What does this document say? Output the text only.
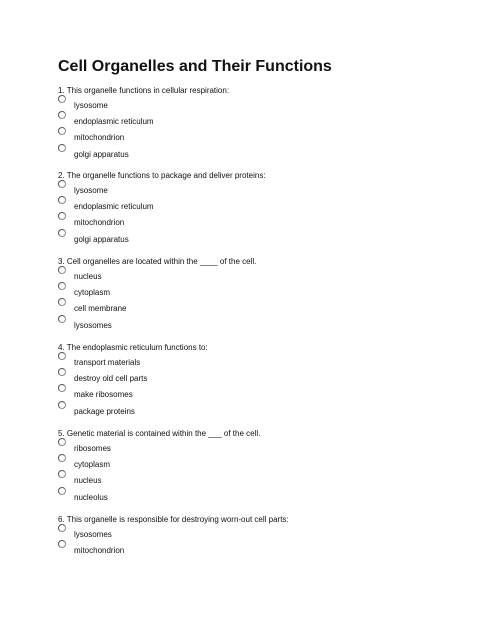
Cell Organelles and Their Functions
1. This organelle functions in cellular respiration:
lysosome
endoplasmic reticulum
mitochondrion
golgi apparatus
2. The organelle functions to package and deliver proteins:
lysosome
endoplasmic reticulum
mitochondrion
golgi apparatus
3. Cell organelles are located within the ____ of the cell.
nucleus
cytoplasm
cell membrane
lysosomes
4. The endoplasmic reticulum functions to:
transport materials
destroy old cell parts
make ribosomes
package proteins
5. Genetic material is contained within the ___ of the cell.
ribosomes
cytoplasm
nucleus
nucleolus
6. This organelle is responsible for destroying worn-out cell parts:
lysosomes
mitochondrion
